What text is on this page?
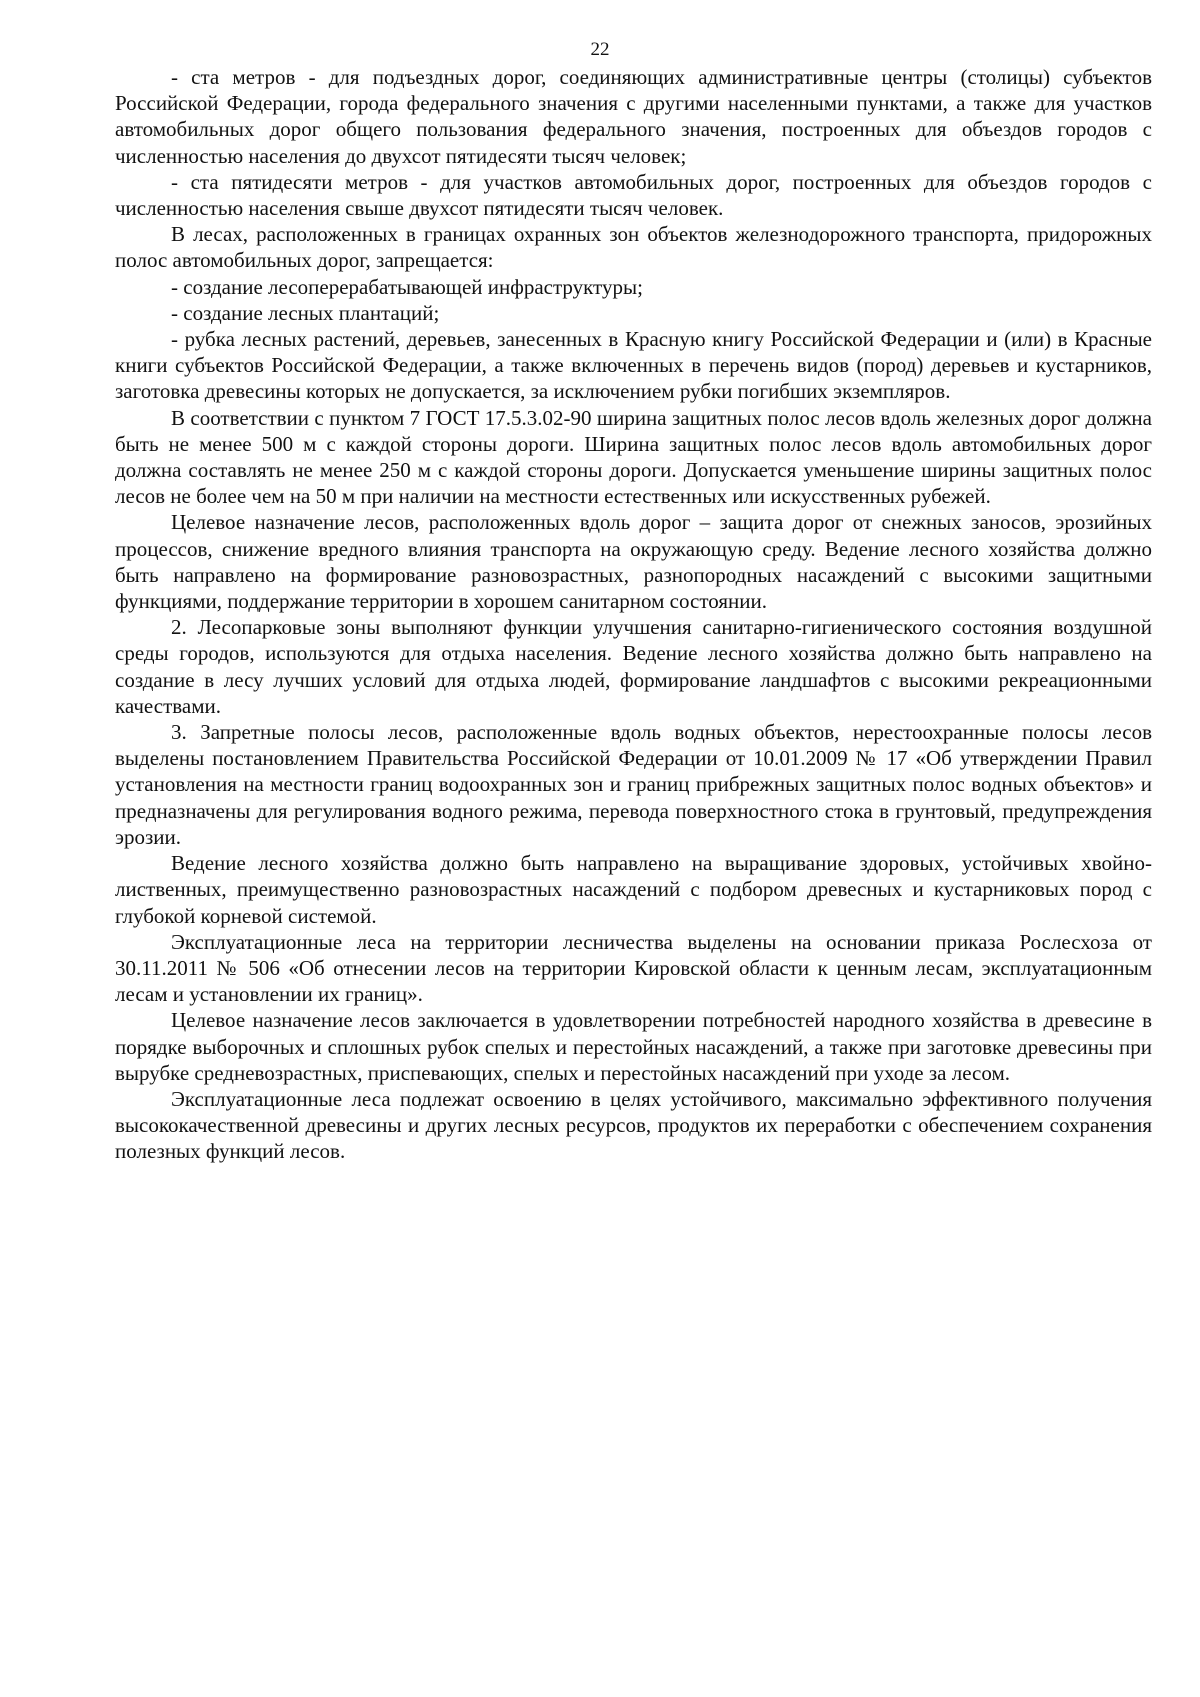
22

- ста метров - для подъездных дорог, соединяющих административные центры (столицы) субъектов Российской Федерации, города федерального значения с другими населенными пунктами, а также для участков автомобильных дорог общего пользования федерального значения, построенных для объездов городов с численностью населения до двухсот пятидесяти тысяч человек;

- ста пятидесяти метров - для участков автомобильных дорог, построенных для объездов городов с численностью населения свыше двухсот пятидесяти тысяч человек.

В лесах, расположенных в границах охранных зон объектов железнодорожного транспорта, придорожных полос автомобильных дорог, запрещается:

- создание лесоперерабатывающей инфраструктуры;

- создание лесных плантаций;

- рубка лесных растений, деревьев, занесенных в Красную книгу Российской Федерации и (или) в Красные книги субъектов Российской Федерации, а также включенных в перечень видов (пород) деревьев и кустарников, заготовка древесины которых не допускается, за исключением рубки погибших экземпляров.

В соответствии с пунктом 7 ГОСТ 17.5.3.02-90 ширина защитных полос лесов вдоль железных дорог должна быть не менее 500 м с каждой стороны дороги. Ширина защитных полос лесов вдоль автомобильных дорог должна составлять не менее 250 м с каждой стороны дороги. Допускается уменьшение ширины защитных полос лесов не более чем на 50 м при наличии на местности естественных или искусственных рубежей.

Целевое назначение лесов, расположенных вдоль дорог – защита дорог от снежных заносов, эрозийных процессов, снижение вредного влияния транспорта на окружающую среду. Ведение лесного хозяйства должно быть направлено на формирование разновозрастных, разнопородных насаждений с высокими защитными функциями, поддержание территории в хорошем санитарном состоянии.

2. Лесопарковые зоны выполняют функции улучшения санитарно-гигиенического состояния воздушной среды городов, используются для отдыха населения. Ведение лесного хозяйства должно быть направлено на создание в лесу лучших условий для отдыха людей, формирование ландшафтов с высокими рекреационными качествами.

3. Запретные полосы лесов, расположенные вдоль водных объектов, нерестоохранные полосы лесов выделены постановлением Правительства Российской Федерации от 10.01.2009 № 17 «Об утверждении Правил установления на местности границ водоохранных зон и границ прибрежных защитных полос водных объектов» и предназначены для регулирования водного режима, перевода поверхностного стока в грунтовый, предупреждения эрозии.

Ведение лесного хозяйства должно быть направлено на выращивание здоровых, устойчивых хвойно-лиственных, преимущественно разновозрастных насаждений с подбором древесных и кустарниковых пород с глубокой корневой системой.

Эксплуатационные леса на территории лесничества выделены на основании приказа Рослесхоза от 30.11.2011 № 506 «Об отнесении лесов на территории Кировской области к ценным лесам, эксплуатационным лесам и установлении их границ».

Целевое назначение лесов заключается в удовлетворении потребностей народного хозяйства в древесине в порядке выборочных и сплошных рубок спелых и перестойных насаждений, а также при заготовке древесины при вырубке средневозрастных, приспевающих, спелых и перестойных насаждений при уходе за лесом.

Эксплуатационные леса подлежат освоению в целях устойчивого, максимально эффективного получения высококачественной древесины и других лесных ресурсов, продуктов их переработки с обеспечением сохранения полезных функций лесов.
